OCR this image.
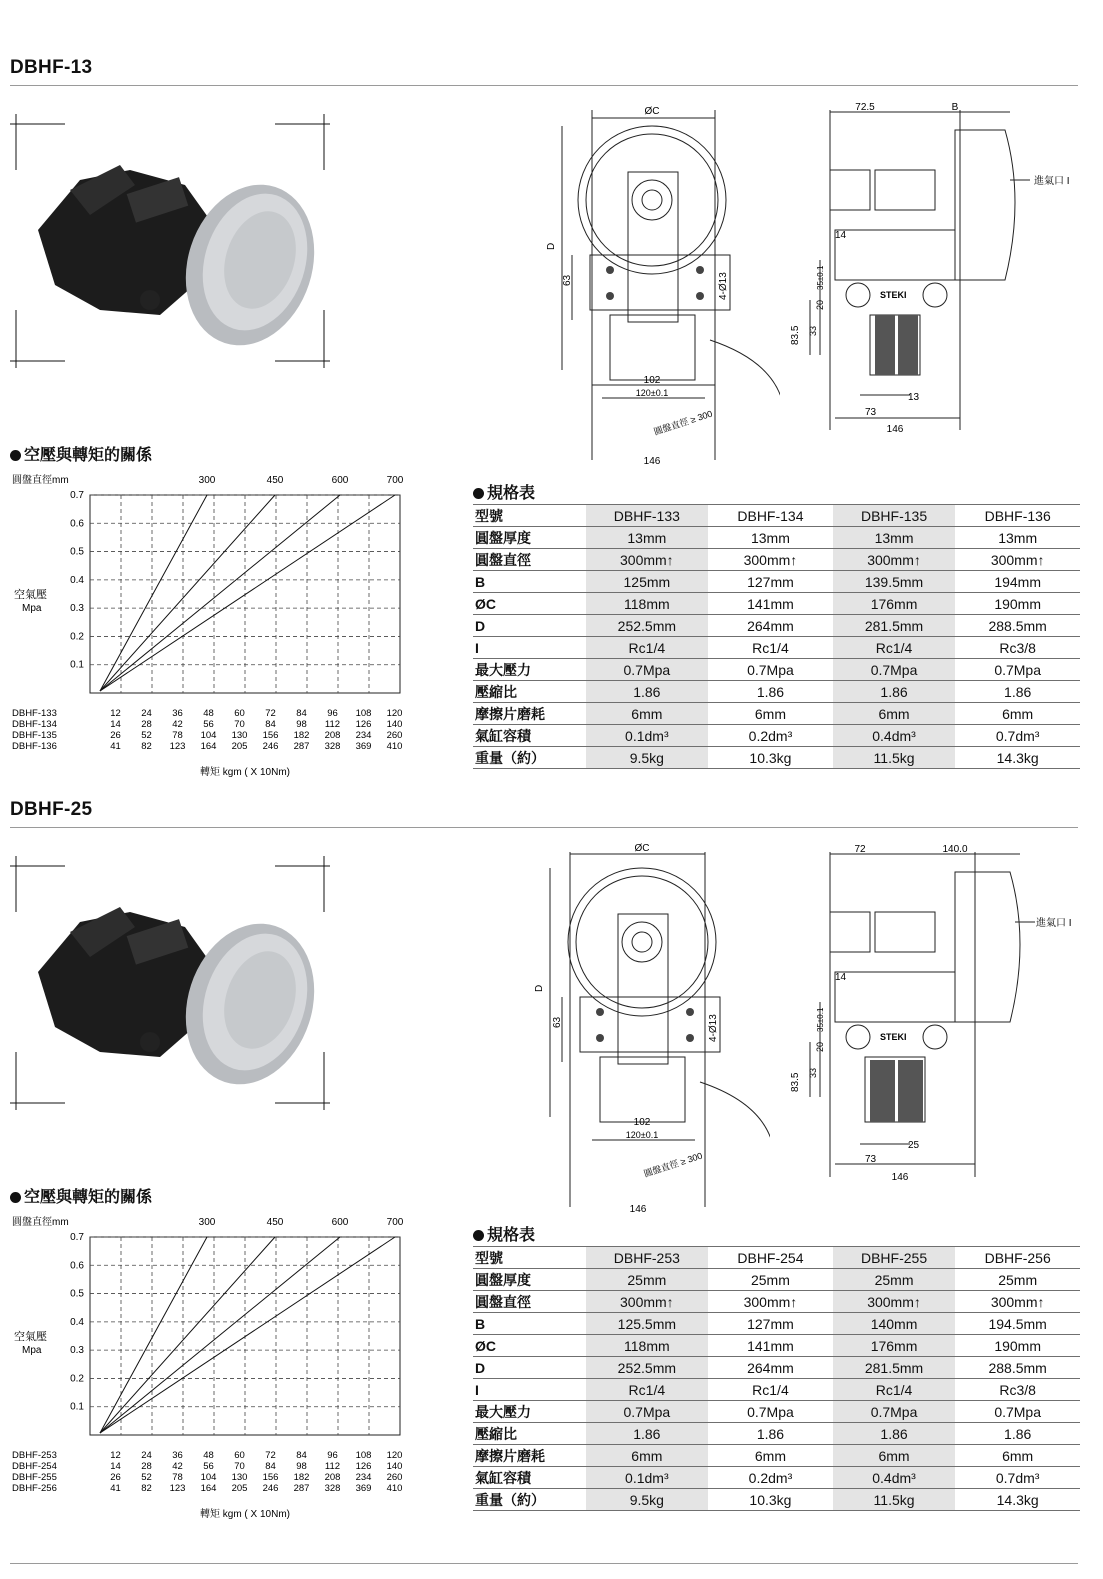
DBHF-13
ØC
D
63	4-Ø13
102
120±0.1
圓盤直徑 ≥ 300
146
72.5	B
進氣口 I
14
35±0.1
20
33
83.5
STEKI
13
73
146
空壓與轉矩的關係
0.7
0.6
0.5
0.4
0.3
0.2
0.1
圓盤直徑mm
空氣壓
Mpa
300	450	600	700
DBHF-133	12 24 36 48 60 72 84 96 108 120
DBHF-134	14 28 42 56 70 84 98 112 126 140
DBHF-135	26 52 78 104 130 156 182 208 234 260
DBHF-136	41 82 123 164 205 246 287 328 369 410
轉矩 kgm ( X 10Nm)
規格表
型號	DBHF-133	DBHF-134	DBHF-135	DBHF-136
圓盤厚度	13mm	13mm	13mm	13mm
圓盤直徑	300mm↑	300mm↑	300mm↑	300mm↑
B	125mm	127mm	139.5mm	194mm
ØC	118mm	141mm	176mm	190mm
D	252.5mm	264mm	281.5mm	288.5mm
I	Rc1/4	Rc1/4	Rc1/4	Rc3/8
最大壓力	0.7Mpa	0.7Mpa	0.7Mpa	0.7Mpa
壓縮比	1.86	1.86	1.86	1.86
摩擦片磨耗	6mm	6mm	6mm	6mm
氣缸容積	0.1dm³	0.2dm³	0.4dm³	0.7dm³
重量（約）	9.5kg	10.3kg	11.5kg	14.3kg
DBHF-25
ØC
D
63	4-Ø13
102
120±0.1
圓盤直徑 ≥ 300
146
72	140.0
進氣口 I
14
35±0.1
20
33
83.5
STEKI
25
73
146
空壓與轉矩的關係
0.7
0.6
0.5
0.4
0.3
0.2
0.1
圓盤直徑mm
空氣壓
Mpa
300	450	600	700
DBHF-253	12 24 36 48 60 72 84 96 108 120
DBHF-254	14 28 42 56 70 84 98 112 126 140
DBHF-255	26 52 78 104 130 156 182 208 234 260
DBHF-256	41 82 123 164 205 246 287 328 369 410
轉矩 kgm ( X 10Nm)
規格表
型號	DBHF-253	DBHF-254	DBHF-255	DBHF-256
圓盤厚度	25mm	25mm	25mm	25mm
圓盤直徑	300mm↑	300mm↑	300mm↑	300mm↑
B	125.5mm	127mm	140mm	194.5mm
ØC	118mm	141mm	176mm	190mm
D	252.5mm	264mm	281.5mm	288.5mm
I	Rc1/4	Rc1/4	Rc1/4	Rc3/8
最大壓力	0.7Mpa	0.7Mpa	0.7Mpa	0.7Mpa
壓縮比	1.86	1.86	1.86	1.86
摩擦片磨耗	6mm	6mm	6mm	6mm
氣缸容積	0.1dm³	0.2dm³	0.4dm³	0.7dm³
重量（約）	9.5kg	10.3kg	11.5kg	14.3kg
